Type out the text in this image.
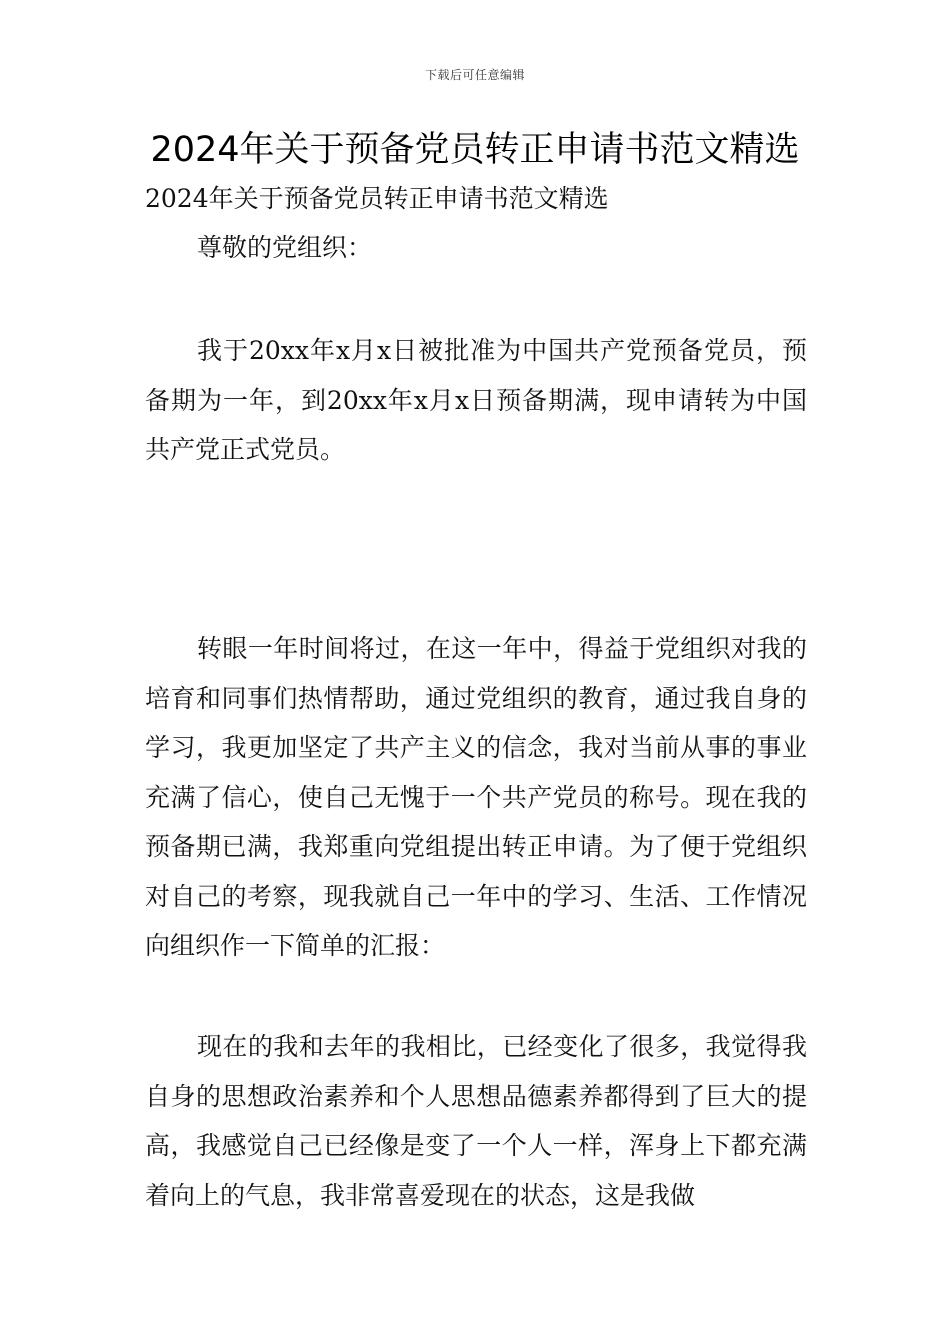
下载后可任意编辑
2024年关于预备党员转正申请书范文精选

2024年关于预备党员转正申请书范文精选

尊敬的党组织：

我于20xx年x月x日被批准为中国共产党预备党员，预备期为一年，到20xx年x月x日预备期满，现申请转为中国共产党正式党员。

转眼一年时间将过，在这一年中，得益于党组织对我的培育和同事们热情帮助，通过党组织的教育，通过我自身的学习，我更加坚定了共产主义的信念，我对当前从事的事业充满了信心，使自己无愧于一个共产党员的称号。现在我的预备期已满，我郑重向党组提出转正申请。为了便于党组织对自己的考察，现我就自己一年中的学习、生活、工作情况向组织作一下简单的汇报：

现在的我和去年的我相比，已经变化了很多，我觉得我自身的思想政治素养和个人思想品德素养都得到了巨大的提高，我感觉自己已经像是变了一个人一样，浑身上下都充满着向上的气息，我非常喜爱现在的状态，这是我做
